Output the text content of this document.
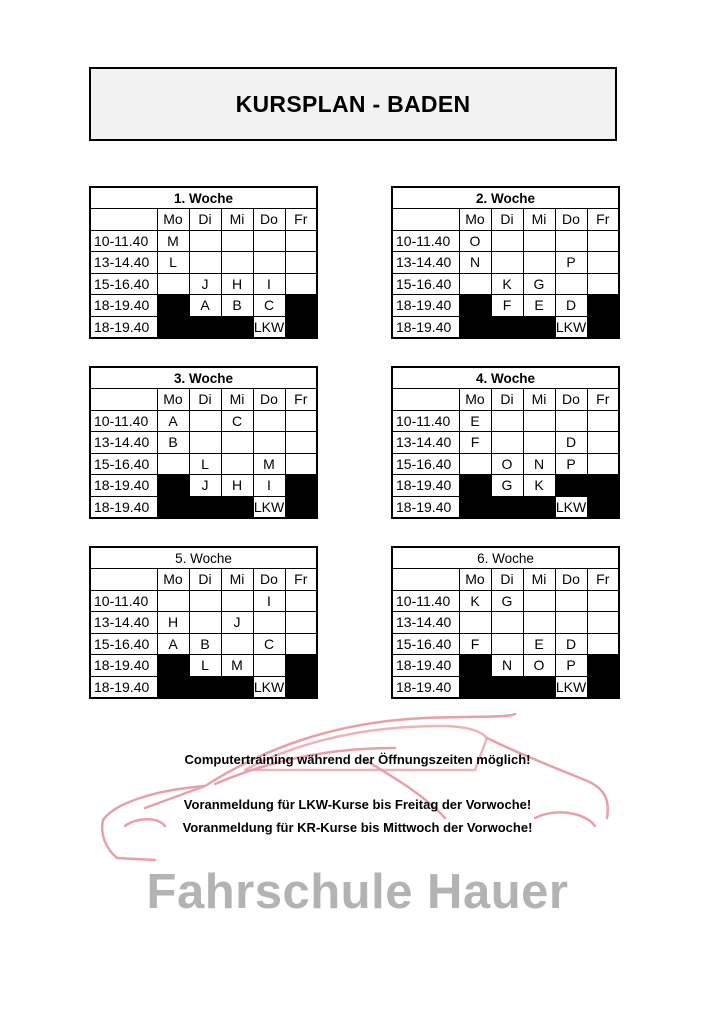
KURSPLAN - BADEN
1. Woche					
	Mo	Di	Mi	Do	Fr
10-11.40	M				
13-14.40	L				
15-16.40		J	H	I	
18-19.40		A	B	C	
18-19.40				LKW	
2. Woche					
	Mo	Di	Mi	Do	Fr
10-11.40	O				
13-14.40	N			P	
15-16.40		K	G		
18-19.40		F	E	D	
18-19.40				LKW	
3. Woche					
	Mo	Di	Mi	Do	Fr
10-11.40	A		C		
13-14.40	B				
15-16.40		L		M	
18-19.40		J	H	I	
18-19.40				LKW	
4. Woche					
	Mo	Di	Mi	Do	Fr
10-11.40	E				
13-14.40	F			D	
15-16.40		O	N	P	
18-19.40		G	K		
18-19.40				LKW	
5. Woche					
	Mo	Di	Mi	Do	Fr
10-11.40				I	
13-14.40	H		J		
15-16.40	A	B		C	
18-19.40		L	M		
18-19.40				LKW	
6. Woche					
	Mo	Di	Mi	Do	Fr
10-11.40	K	G			
13-14.40					
15-16.40	F		E	D	
18-19.40		N	O	P	
18-19.40				LKW	
Computertraining während der Öffnungszeiten möglich!
Voranmeldung für LKW-Kurse bis Freitag der Vorwoche!
Voranmeldung für KR-Kurse bis Mittwoch der Vorwoche!
Fahrschule Hauer
